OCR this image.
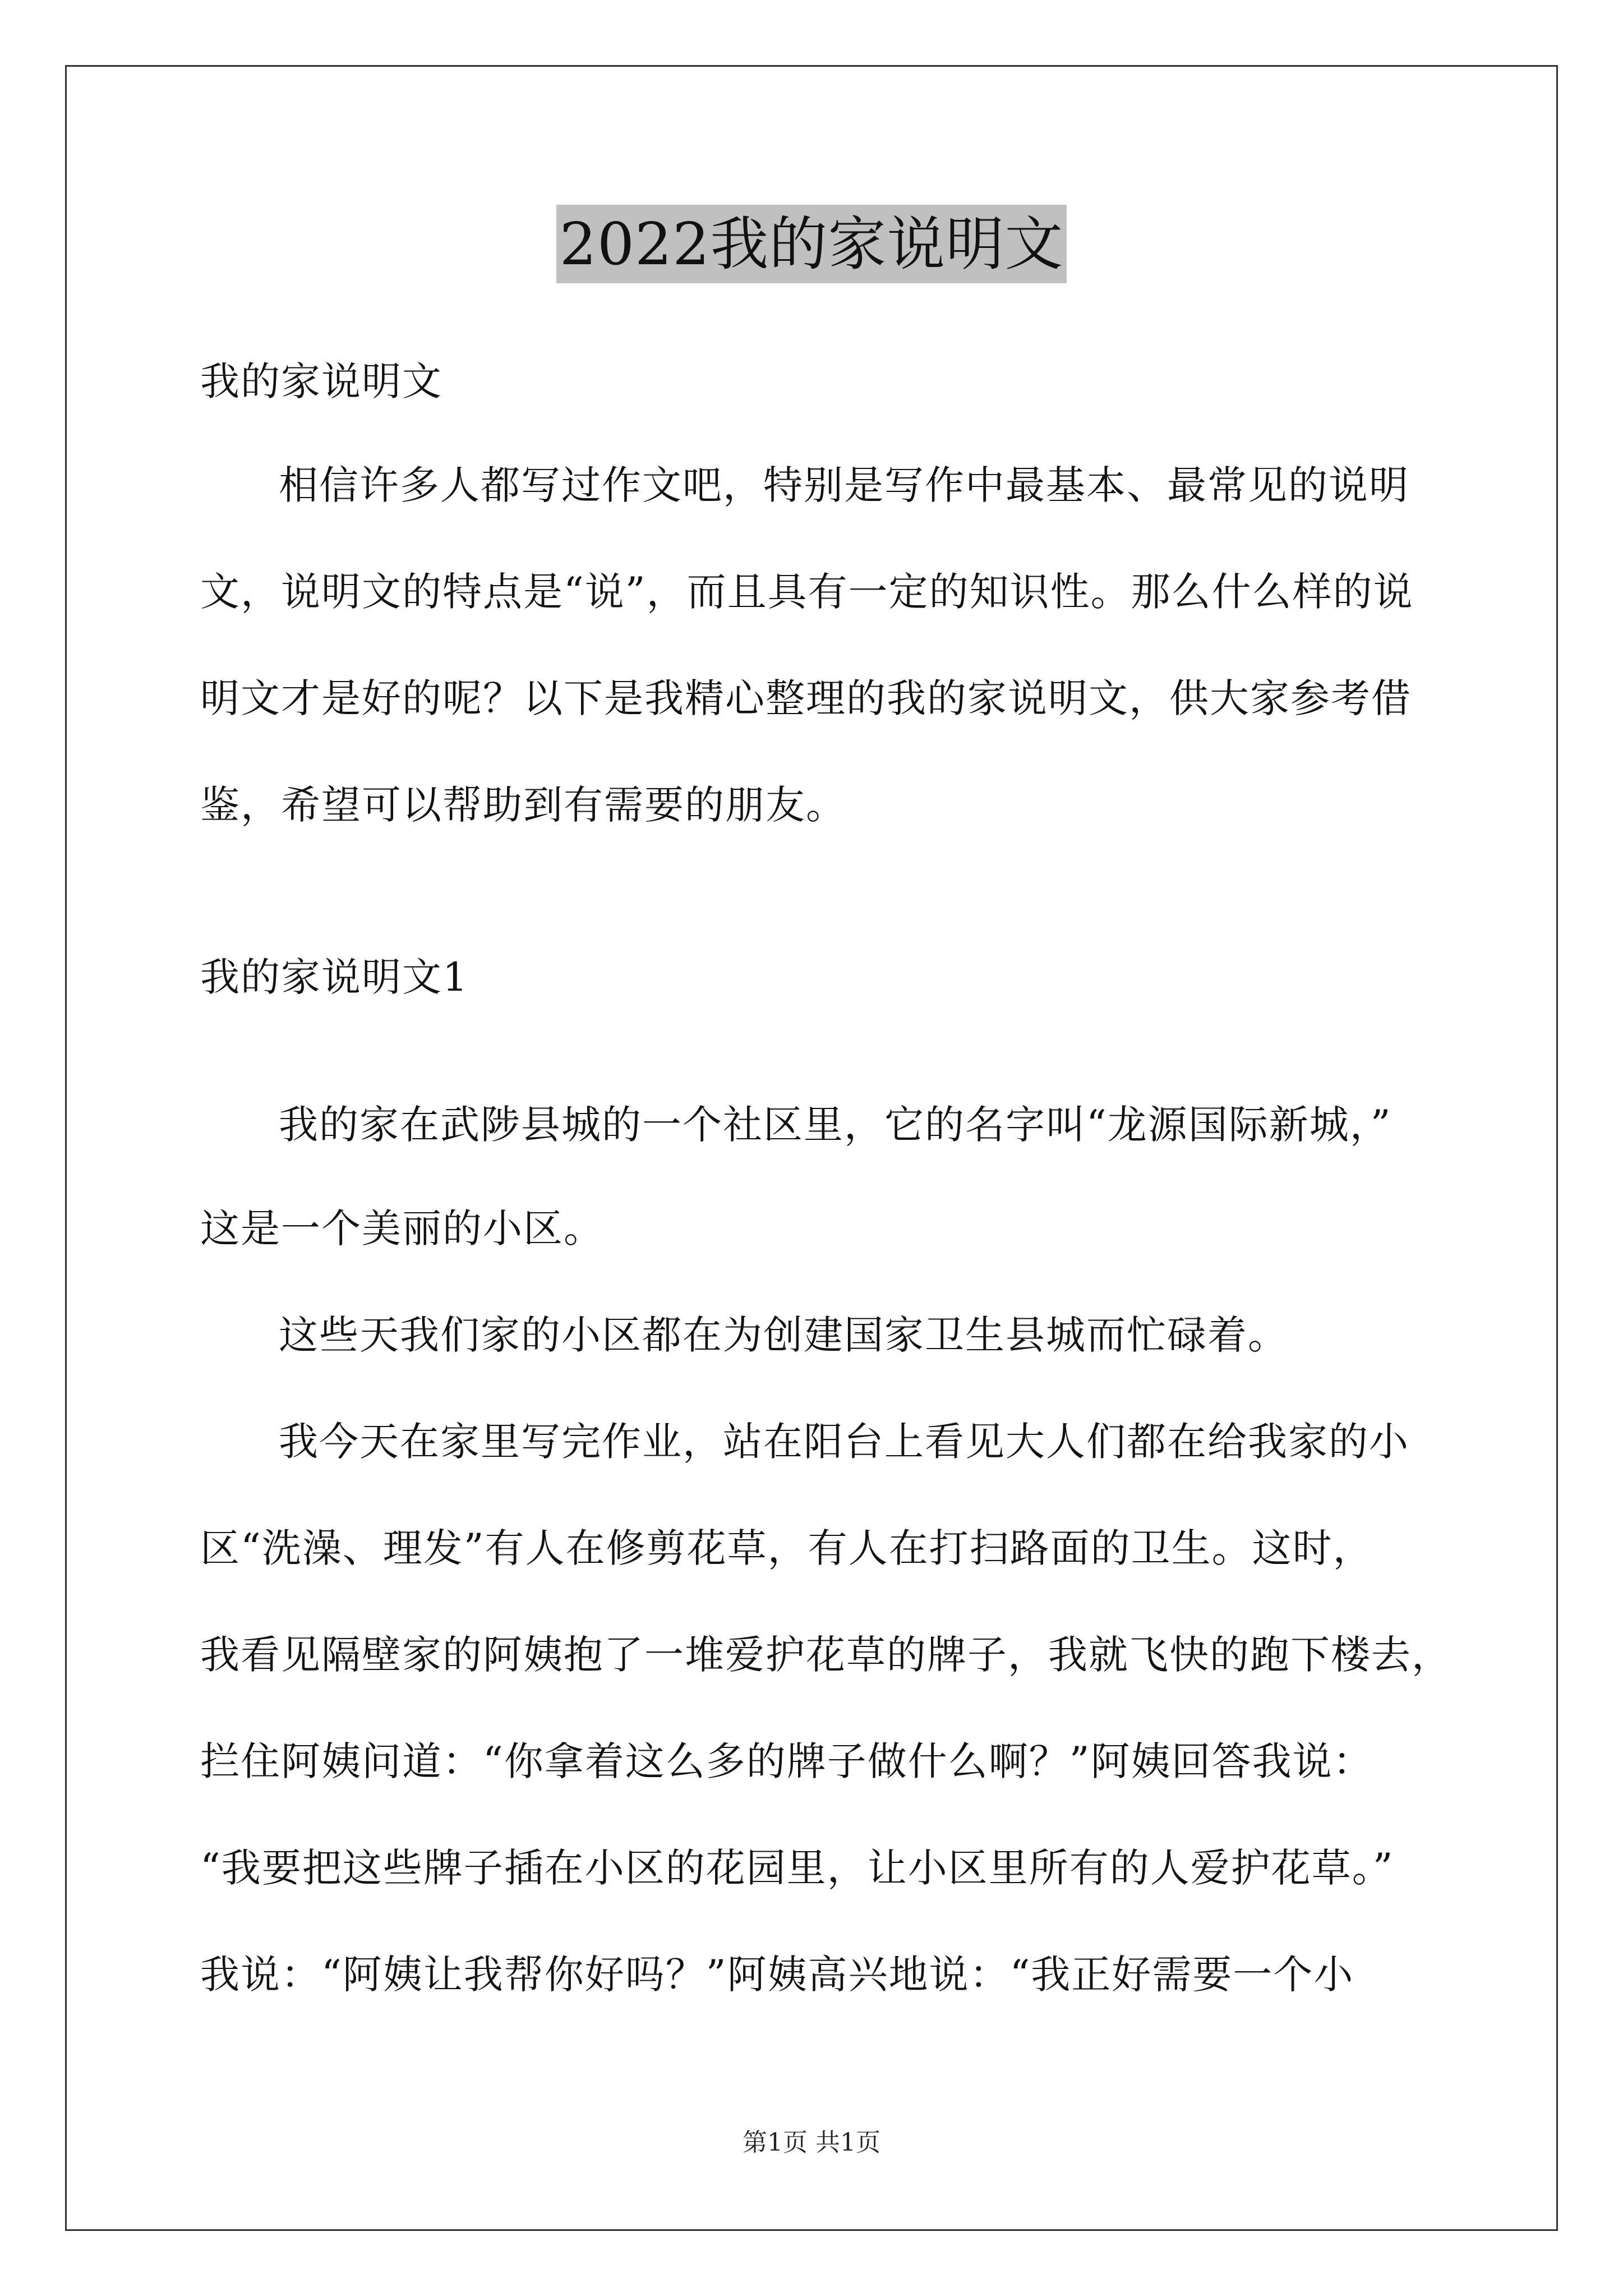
2022我的家说明文
我的家说明文
相信许多人都写过作文吧，特别是写作中最基本、最常见的说明
文，说明文的特点是“说”，而且具有一定的知识性。那么什么样的说
明文才是好的呢？以下是我精心整理的我的家说明文，供大家参考借
鉴，希望可以帮助到有需要的朋友。
我的家说明文1
我的家在武陟县城的一个社区里，它的名字叫“龙源国际新城，”
这是一个美丽的小区。
这些天我们家的小区都在为创建国家卫生县城而忙碌着。
我今天在家里写完作业，站在阳台上看见大人们都在给我家的小
区“洗澡、理发”有人在修剪花草，有人在打扫路面的卫生。这时，
我看见隔壁家的阿姨抱了一堆爱护花草的牌子，我就飞快的跑下楼去，
拦住阿姨问道：“你拿着这么多的牌子做什么啊？”阿姨回答我说：
“我要把这些牌子插在小区的花园里，让小区里所有的人爱护花草。”
我说：“阿姨让我帮你好吗？”阿姨高兴地说：“我正好需要一个小
第1页 共1页
